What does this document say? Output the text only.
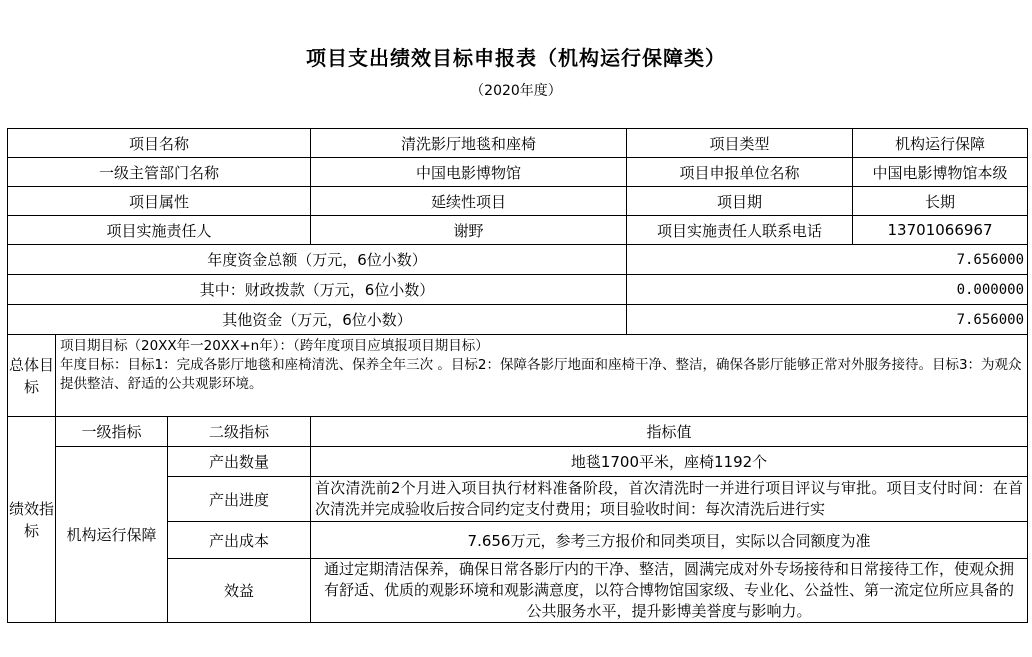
项目支出绩效目标申报表（机构运行保障类）
（2020年度）
项目名称			清洗影厅地毯和座椅	项目类型	机构运行保障
一级主管部门名称			中国电影博物馆	项目申报单位名称	中国电影博物馆本级
项目属性			延续性项目	项目期	长期
项目实施责任人			谢野	项目实施责任人联系电话	13701066967
年度资金总额（万元，6位小数）				7.656000	
其中：财政拨款（万元，6位小数）				0.000000	
其他资金（万元，6位小数）				7.656000	
总体目标	项目期目标（20XX年一20XX+n年）：（跨年度项目应填报项目期目标）
年度目标：目标1：完成各影厅地毯和座椅清洗、保养全年三次 。目标2：保障各影厅地面和座椅干净、整洁，确保各影厅能够正常对外服务接待。目标3：为观众提供整洁、舒适的公共观影环境。				

绩效指标	一级指标	二级指标	指标值		
	机构运行保障	产出数量	地毯1700平米，座椅1192个		
		产出进度	首次清洗前2个月进入项目执行材料准备阶段，首次清洗时一并进行项目评议与审批。项目支付时间：在首次清洗并完成验收后按合同约定支付费用；项目验收时间：每次清洗后进行实		

		产出成本	7.656万元，参考三方报价和同类项目，实际以合同额度为准		
		效益	通过定期清洁保养，确保日常各影厅内的干净、整洁，圆满完成对外专场接待和日常接待工作，使观众拥有舒适、优质的观影环境和观影满意度，以符合博物馆国家级、专业化、公益性、第一流定位所应具备的公共服务水平，提升影博美誉度与影响力。		
